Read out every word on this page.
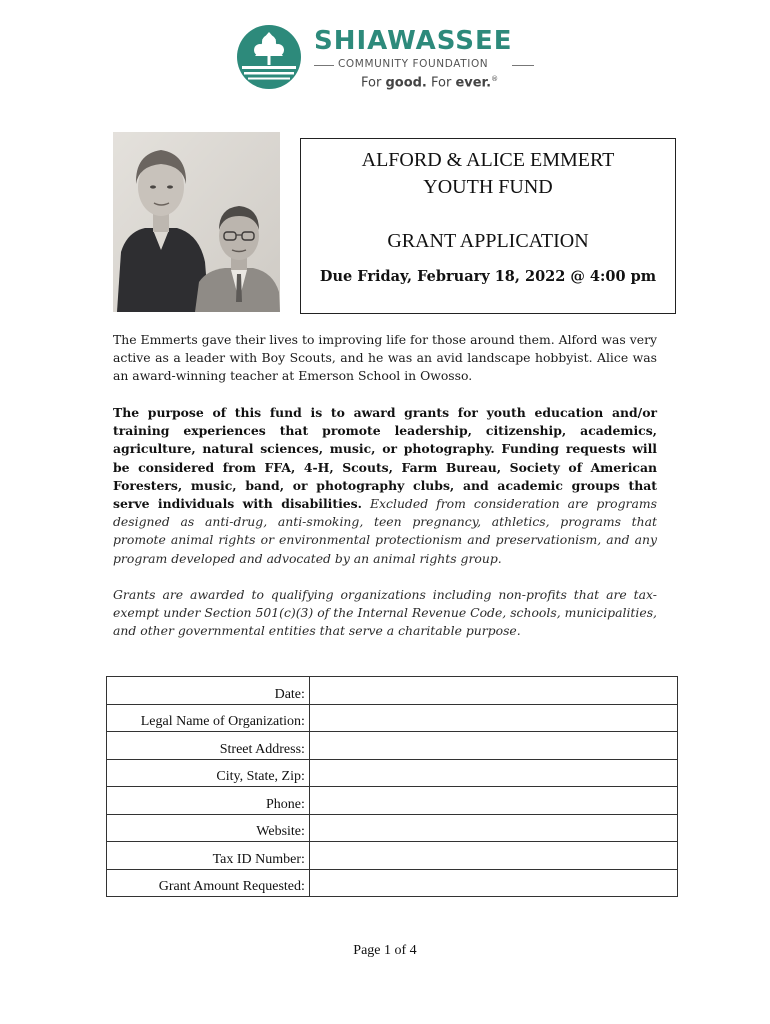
SHIAWASSEE
COMMUNITY FOUNDATION
For good. For ever.®
ALFORD & ALICE EMMERT
YOUTH FUND
GRANT APPLICATION
Due Friday, February 18, 2022 @ 4:00 pm
The Emmerts gave their lives to improving life for those around them. Alford was very active as a leader with Boy Scouts, and he was an avid landscape hobbyist. Alice was an award-winning teacher at Emerson School in Owosso.
The purpose of this fund is to award grants for youth education and/or training experiences that promote leadership, citizenship, academics, agriculture, natural sciences, music, or photography. Funding requests will be considered from FFA, 4-H, Scouts, Farm Bureau, Society of American Foresters, music, band, or photography clubs, and academic groups that serve individuals with disabilities. Excluded from consideration are programs designed as anti-drug, anti-smoking, teen pregnancy, athletics, programs that promote animal rights or environmental protectionism and preservationism, and any program developed and advocated by an animal rights group.
Grants are awarded to qualifying organizations including non-profits that are tax-exempt under Section 501(c)(3) of the Internal Revenue Code, schools, municipalities, and other governmental entities that serve a charitable purpose.
Date:	
Legal Name of Organization:	
Street Address:	
City, State, Zip:	
Phone:	
Website:	
Tax ID Number:	
Grant Amount Requested:	
Page 1 of 4
